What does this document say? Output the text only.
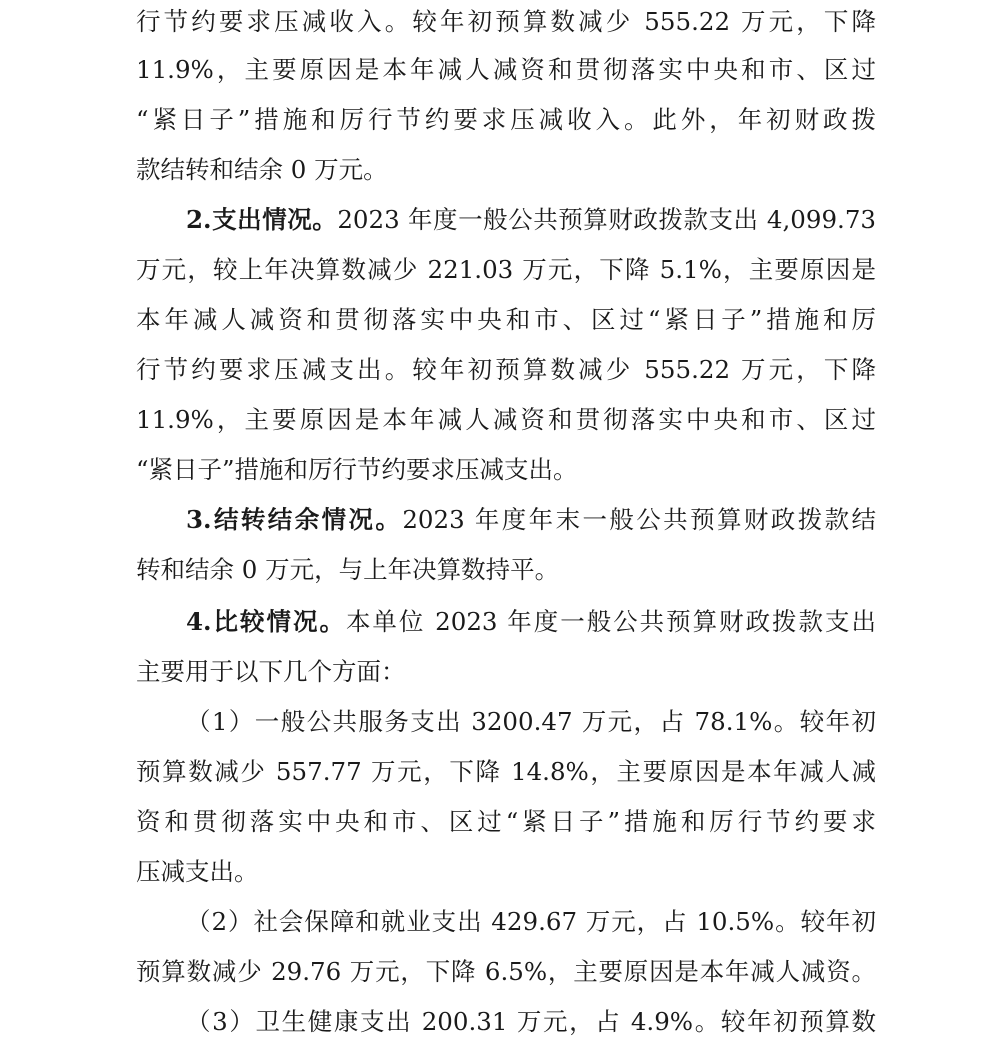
行节约要求压减收入。较年初预算数减少 555.22 万元，下降
11.9%，主要原因是本年减人减资和贯彻落实中央和市、区过
“紧日子”措施和厉行节约要求压减收入。此外，年初财政拨
款结转和结余 0 万元。
2.支出情况。2023 年度一般公共预算财政拨款支出 4,099.73
万元，较上年决算数减少 221.03 万元，下降 5.1%，主要原因是
本年减人减资和贯彻落实中央和市、区过“紧日子”措施和厉
行节约要求压减支出。较年初预算数减少 555.22 万元，下降
11.9%，主要原因是本年减人减资和贯彻落实中央和市、区过
“紧日子”措施和厉行节约要求压减支出。
3.结转结余情况。2023 年度年末一般公共预算财政拨款结
转和结余 0 万元，与上年决算数持平。
4.比较情况。本单位 2023 年度一般公共预算财政拨款支出
主要用于以下几个方面：
（1）一般公共服务支出 3200.47 万元，占 78.1%。较年初
预算数减少 557.77 万元，下降 14.8%，主要原因是本年减人减
资和贯彻落实中央和市、区过“紧日子”措施和厉行节约要求
压减支出。
（2）社会保障和就业支出 429.67 万元，占 10.5%。较年初
预算数减少 29.76 万元，下降 6.5%，主要原因是本年减人减资。
（3）卫生健康支出 200.31 万元，占 4.9%。较年初预算数
